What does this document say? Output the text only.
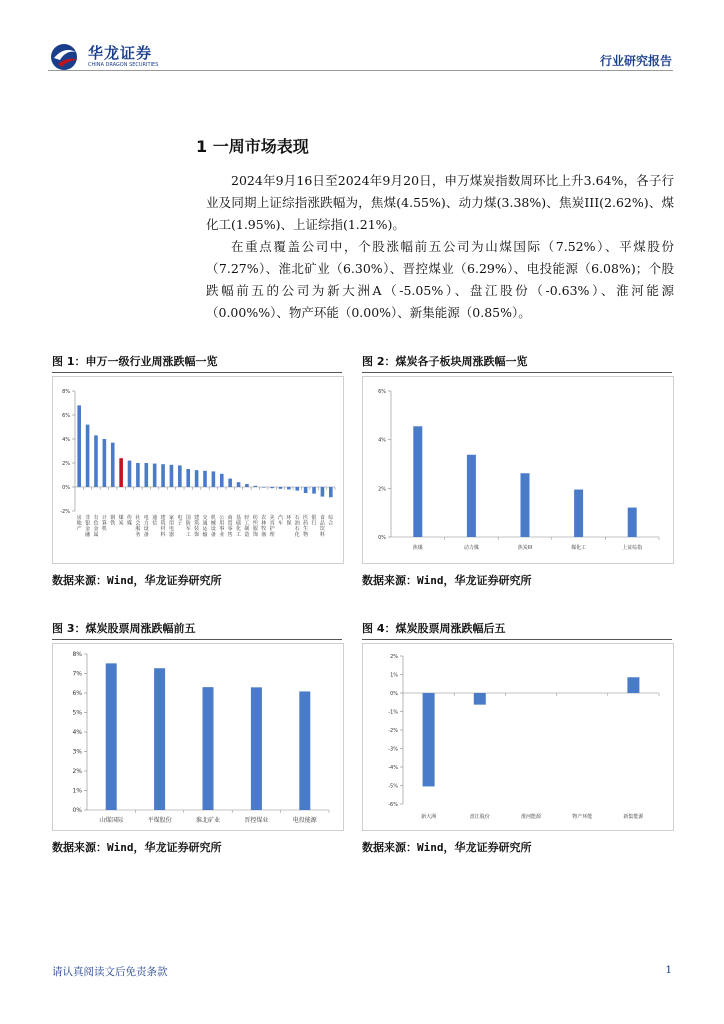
华龙证券
CHINA DRAGON SECURITIES	行业研究报告
1 一周市场表现
2024年9月16日至2024年9月20日，申万煤炭指数周环比上升3.64%，各子行业及同期上证综指涨跌幅为，焦煤(4.55%)、动力煤(3.38%)、焦炭III(2.62%)、煤化工(1.95%)、上证综指(1.21%)。
在重点覆盖公司中，个股涨幅前五公司为山煤国际（7.52%）、平煤股份（7.27%）、淮北矿业（6.30%）、晋控煤业（6.29%）、电投能源（6.08%)；个股跌幅前五的公司为新大洲A（-5.05%）、盘江股份（-0.63%）、淮河能源（0.00%%）、物产环能（0.00%）、新集能源（0.85%）。
图 1：申万一级行业周涨跌幅一览
-2%
0%
2%
4%
6%
8%
房
地
产
非
银
金
融
有
色
金
属
计
算
机
钢
铁
煤
炭
传
媒
社
会
服
务
电
力
设
备
通
信
建
筑
材
料
家
用
电
器
电
子
国
防
军
工
建
筑
装
饰
交
通
运
输
机
械
设
备
公
用
事
业
商
贸
零
售
基
础
化
工
轻
工
制
造
纺
织
服
饰
农
林
牧
渔
美
容
护
理
汽
车
环
保
石
油
石
化
医
药
生
物
银
行
食
品
饮
料
综
合
数据来源：Wind，华龙证券研究所
图 2：煤炭各子板块周涨跌幅一览
0%
2%
4%
6%
焦煤	动力煤	焦炭III	煤化工	上证综指
数据来源：Wind，华龙证券研究所
图 3：煤炭股票周涨跌幅前五
0%
1%
2%
3%
4%
5%
6%
7%
8%
山煤国际	平煤股份	淮北矿业	晋控煤业	电投能源
数据来源：Wind，华龙证券研究所
图 4：煤炭股票周涨跌幅后五
-6%
-5%
-4%
-3%
-2%
-1%
0%
1%
2%
新大洲	盘江股份	淮河能源	物产环能	新集能源
数据来源：Wind，华龙证券研究所
请认真阅读文后免责条款	1
